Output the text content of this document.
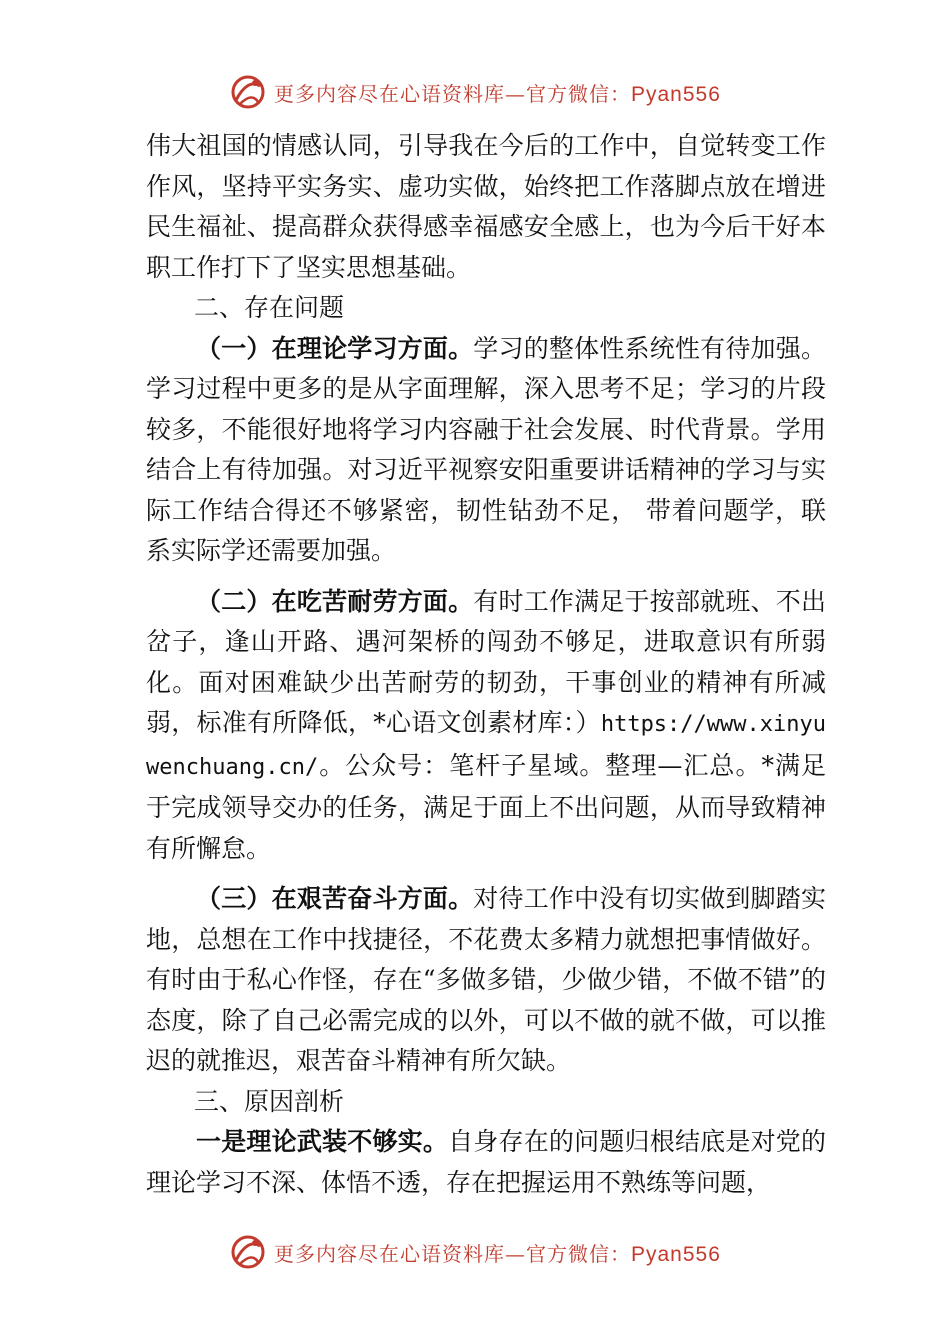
更多内容尽在心语资料库—官方微信：Pyan556

伟大祖国的情感认同，引导我在今后的工作中，自觉转变工作作风，坚持平实务实、虚功实做，始终把工作落脚点放在增进民生福祉、提高群众获得感幸福感安全感上，也为今后干好本职工作打下了坚实思想基础。

二、存在问题

（一）在理论学习方面。学习的整体性系统性有待加强。学习过程中更多的是从字面理解，深入思考不足；学习的片段较多，不能很好地将学习内容融于社会发展、时代背景。学用结合上有待加强。对习近平视察安阳重要讲话精神的学习与实际工作结合得还不够紧密，韧性钻劲不足， 带着问题学，联系实际学还需要加强。

（二）在吃苦耐劳方面。有时工作满足于按部就班、不出岔子，逢山开路、遇河架桥的闯劲不够足，进取意识有所弱化。面对困难缺少出苦耐劳的韧劲，干事创业的精神有所减弱，标准有所降低，*心语文创素材库：）https://www.xinyuwenchuang.cn/。公众号：笔杆子星域。整理—汇总。*满足于完成领导交办的任务，满足于面上不出问题，从而导致精神有所懈怠。

（三）在艰苦奋斗方面。对待工作中没有切实做到脚踏实地，总想在工作中找捷径，不花费太多精力就想把事情做好。有时由于私心作怪，存在“多做多错，少做少错，不做不错”的态度，除了自己必需完成的以外，可以不做的就不做，可以推迟的就推迟，艰苦奋斗精神有所欠缺。

三、原因剖析

一是理论武装不够实。自身存在的问题归根结底是对党的理论学习不深、体悟不透，存在把握运用不熟练等问题，

更多内容尽在心语资料库—官方微信：Pyan556
